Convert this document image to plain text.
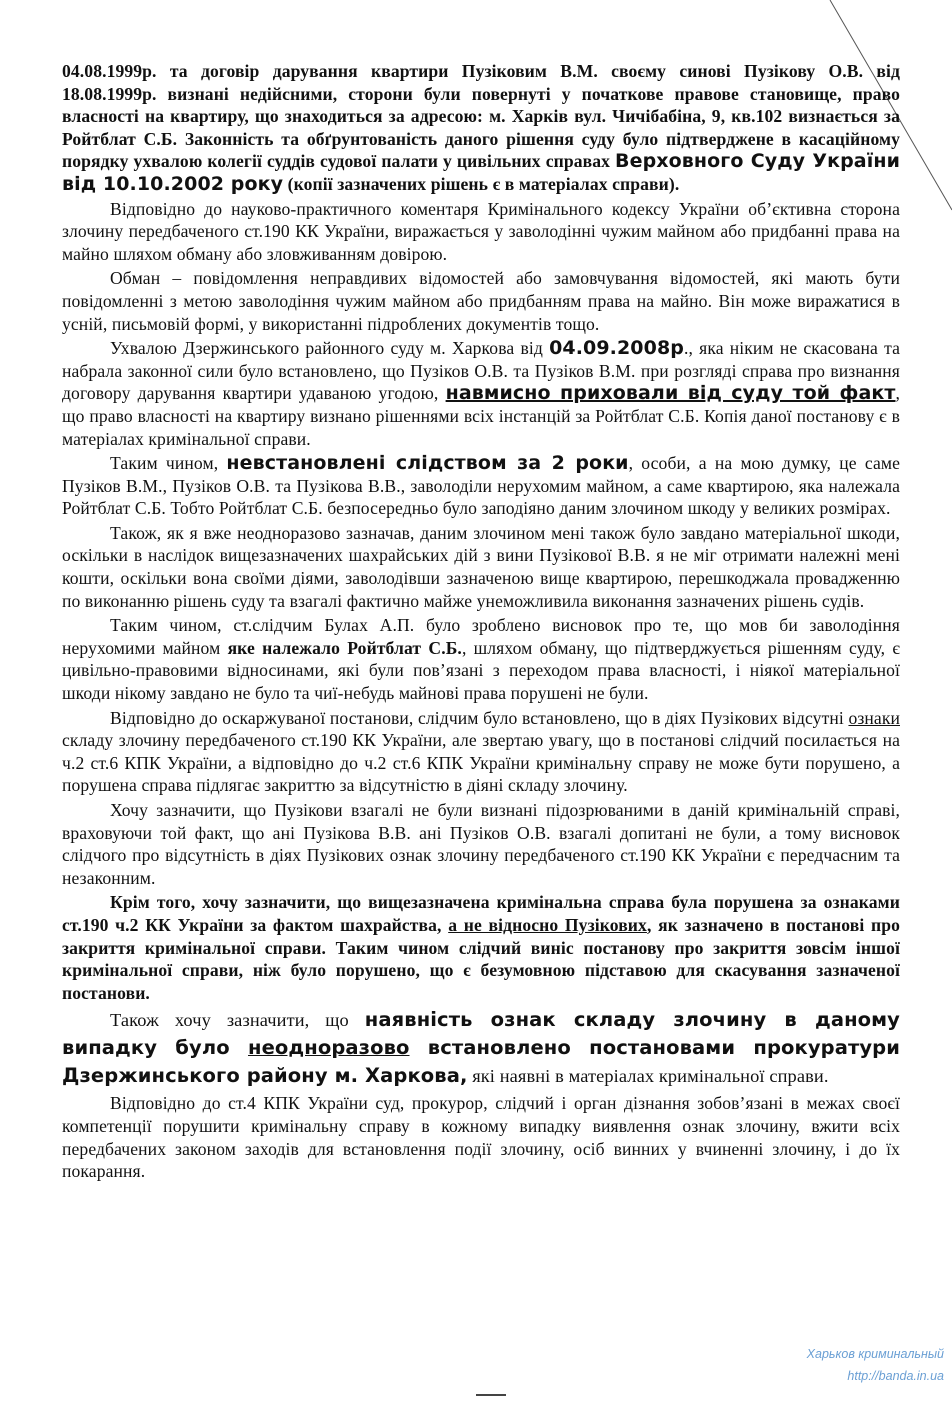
04.08.1999р. та договір дарування квартири Пузіковим В.М. своєму синові Пузікову О.В. від 18.08.1999р. визнані недійсними, сторони були повернуті у початкове правове становище, право власності на квартиру, що знаходиться за адресою: м. Харків вул. Чичібабіна, 9, кв.102 визнається за Ройтблат С.Б. Законність та обґрунтованість даного рішення суду було підтверджене в касаційному порядку ухвалою колегії суддів судової палати у цивільних справах Верховного Суду України від 10.10.2002 року (копії зазначених рішень є в матеріалах справи).

Відповідно до науково-практичного коментаря Кримінального кодексу України об’єктивна сторона злочину передбаченого ст.190 КК України, виражається у заволодінні чужим майном або придбанні права на майно шляхом обману або зловживанням довірою.

Обман – повідомлення неправдивих відомостей або замовчування відомостей, які мають бути повідомленні з метою заволодіння чужим майном або придбанням права на майно. Він може виражатися в усній, письмовій формі, у використанні підроблених документів тощо.

Ухвалою Дзержинського районного суду м. Харкова від 04.09.2008р., яка ніким не скасована та набрала законної сили було встановлено, що Пузіков О.В. та Пузіков В.М. при розгляді справа про визнання договору дарування квартири удаваною угодою, навмисно приховали від суду той факт, що право власності на квартиру визнано рішеннями всіх інстанцій за Ройтблат С.Б. Копія даної постанову є в матеріалах кримінальної справи.

Таким чином, невстановлені слідством за 2 роки, особи, а на мою думку, це саме Пузіков В.М., Пузіков О.В. та Пузікова В.В., заволоділи нерухомим майном, а саме квартирою, яка належала Ройтблат С.Б. Тобто Ройтблат С.Б. безпосередньо було заподіяно даним злочином шкоду у великих розмірах.

Також, як я вже неодноразово зазначав, даним злочином мені також було завдано матеріальної шкоди, оскільки в наслідок вищезазначених шахрайських дій з вини Пузікової В.В. я не міг отримати належні мені кошти, оскільки вона своїми діями, заволодівши зазначеною вище квартирою, перешкоджала провадженню по виконанню рішень суду та взагалі фактично майже унеможливила виконання зазначених рішень судів.

Таким чином, ст.слідчим Булах А.П. було зроблено висновок про те, що мов би заволодіння нерухомими майном яке належало Ройтблат С.Б., шляхом обману, що підтверджується рішенням суду, є цивільно-правовими відносинами, які були пов’язані з переходом права власності, і ніякої матеріальної шкоди нікому завдано не було та чиї-небудь майнові права порушені не були.

Відповідно до оскаржуваної постанови, слідчим було встановлено, що в діях Пузікових відсутні ознаки складу злочину передбаченого ст.190 КК України, але звертаю увагу, що в постанові слідчий посилається на ч.2 ст.6 КПК України, а відповідно до ч.2 ст.6 КПК України кримінальну справу не може бути порушено, а порушена справа підлягає закриттю за відсутністю в діяні складу злочину.

Хочу зазначити, що Пузікови взагалі не були визнані підозрюваними в даній кримінальній справі, враховуючи той факт, що ані Пузікова В.В. ані Пузіков О.В. взагалі допитані не були, а тому висновок слідчого про відсутність в діях Пузікових ознак злочину передбаченого ст.190 КК України є передчасним та незаконним.

Крім того, хочу зазначити, що вищезазначена кримінальна справа була порушена за ознаками ст.190 ч.2 КК України за фактом шахрайства, а не відносно Пузікових, як зазначено в постанові про закриття кримінальної справи. Таким чином слідчий виніс постанову про закриття зовсім іншої кримінальної справи, ніж було порушено, що є безумовною підставою для скасування зазначеної постанови.

Також хочу зазначити, що наявність ознак складу злочину в даному випадку було неодноразово встановлено постановами прокуратури Дзержинського району м. Харкова, які наявні в матеріалах кримінальної справи.

Відповідно до ст.4 КПК України суд, прокурор, слідчий і орган дізнання зобов’язані в межах своєї компетенції порушити кримінальну справу в кожному випадку виявлення ознак злочину, вжити всіх передбачених законом заходів для встановлення події злочину, осіб винних у вчиненні злочину, і до їх покарання.

Харьков криминальный
http://banda.in.ua
